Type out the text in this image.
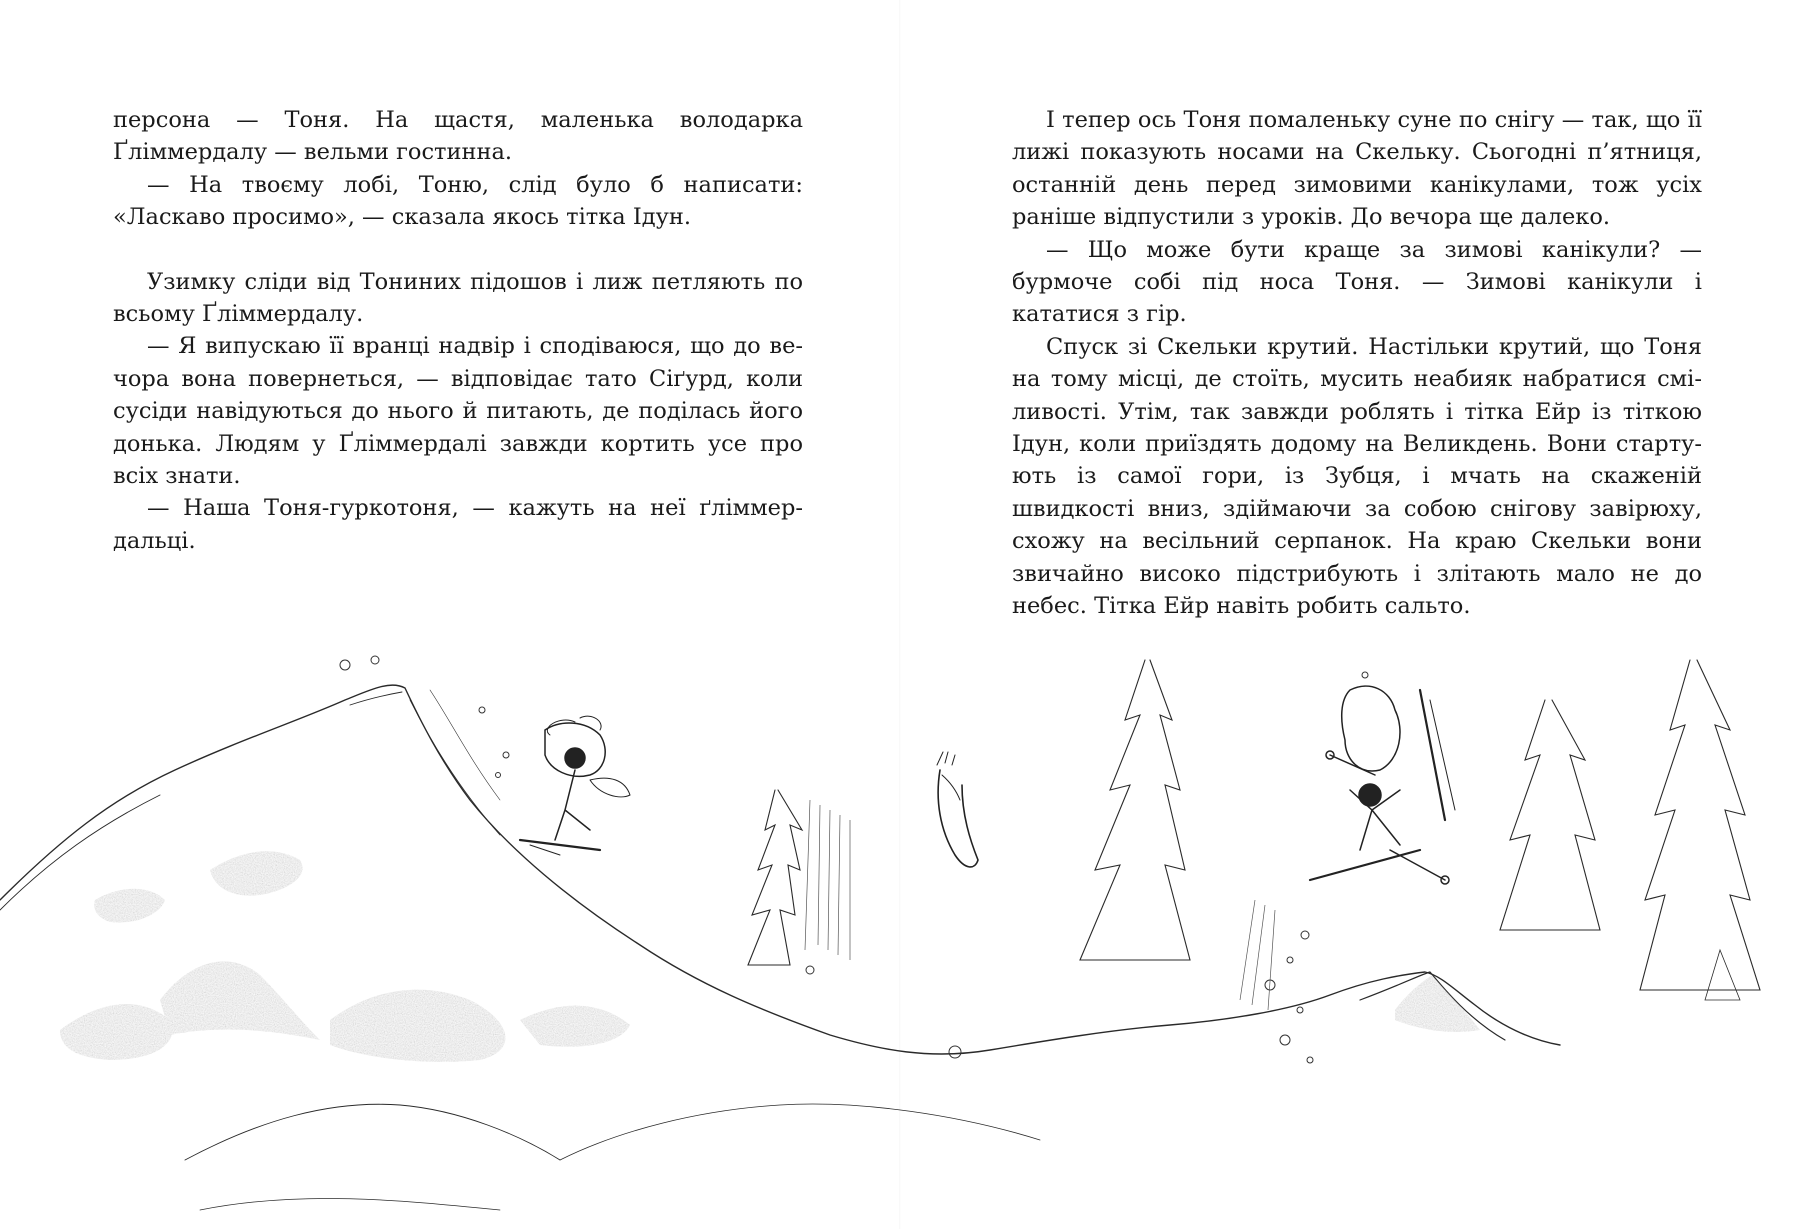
персона — Тоня. На щастя, маленька володарка Ґліммердалу — вельми гостинна.

— На твоєму лобі, Тоню, слід було б написати: «Ласкаво просимо», — сказала якось тітка Ідун.

Узимку сліди від Тониних підошов і лиж петляють по всьому Ґліммердалу.

— Я випускаю її вранці надвір і сподіваюся, що до вечора вона повернеться, — відповідає тато Сіґурд, коли сусіди навідуються до нього й питають, де поділась його донька. Людям у Ґліммердалі завжди кортить усе про всіх знати.

— Наша Тоня-гуркотоня, — кажуть на неї ґліммердальці.

І тепер ось Тоня помаленьку суне по снігу — так, що її лижі показують носами на Скельку. Сьогодні п’ятниця, останній день перед зимовими канікулами, тож усіх раніше відпустили з уроків. До вечора ще далеко.

— Що може бути краще за зимові канікули? — бурмоче собі під носа Тоня. — Зимові канікули і кататися з гір.

Спуск зі Скельки крутий. Настільки крутий, що Тоня на тому місці, де стоїть, мусить неабияк набратися сміливості. Утім, так завжди роблять і тітка Ейр із тіткою Ідун, коли приїздять додому на Великдень. Вони стартують із самої гори, із Зубця, і мчать на скаженій швидкості вниз, здіймаючи за собою снігову завірюху, схожу на весільний серпанок. На краю Скельки вони звичайно високо підстрибують і злітають мало не до небес. Тітка Ейр навіть робить сальто.
